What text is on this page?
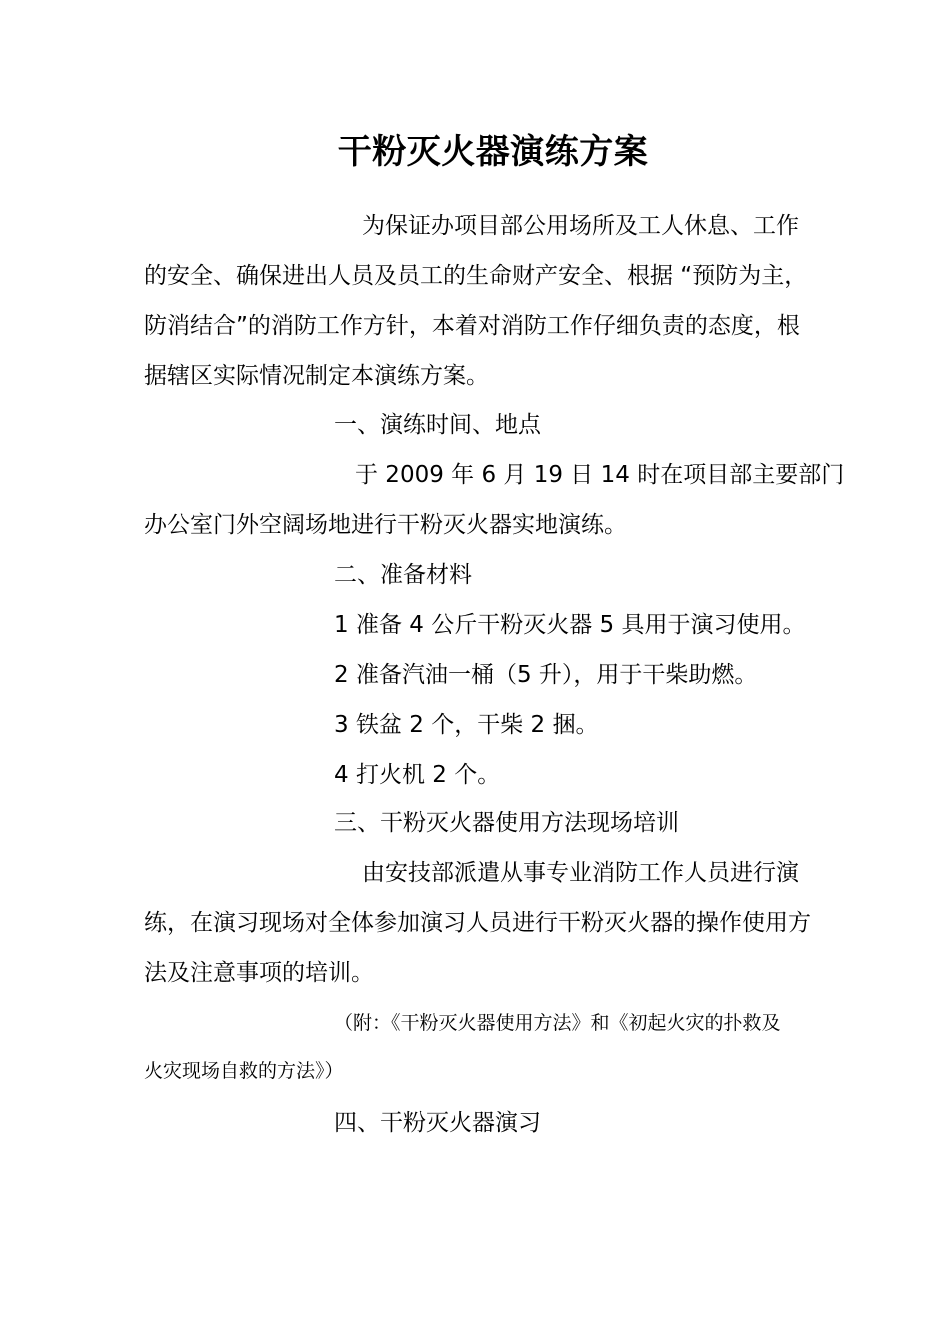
干粉灭火器演练方案
为保证办项目部公用场所及工人休息、工作
的安全、确保进出人员及员工的生命财产安全、根据 “预防为主，
防消结合”的消防工作方针，本着对消防工作仔细负责的态度，根
据辖区实际情况制定本演练方案。
一、演练时间、地点
于 2009 年 6 月 19 日 14 时在项目部主要部门
办公室门外空阔场地进行干粉灭火器实地演练。
二、准备材料
1 准备 4 公斤干粉灭火器 5 具用于演习使用。
2 准备汽油一桶（5 升），用于干柴助燃。
3 铁盆 2 个，干柴 2 捆。
4 打火机 2 个。
三、干粉灭火器使用方法现场培训
由安技部派遣从事专业消防工作人员进行演
练，在演习现场对全体参加演习人员进行干粉灭火器的操作使用方
法及注意事项的培训。
（附：《干粉灭火器使用方法》和《初起火灾的扑救及
火灾现场自救的方法》）
四、干粉灭火器演习
